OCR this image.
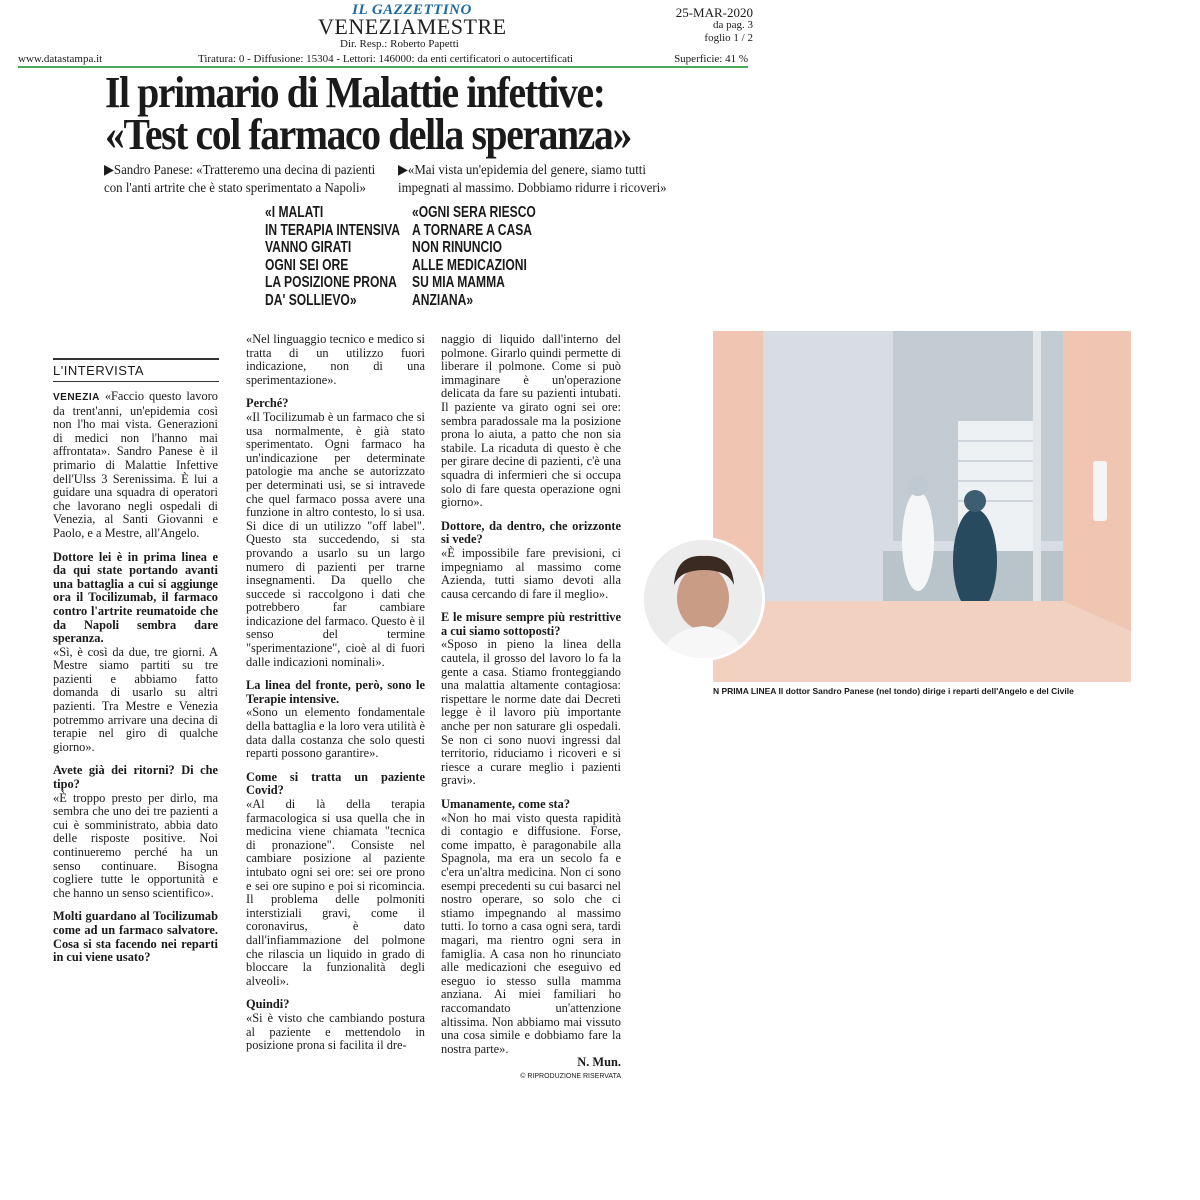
IL GAZZETTINO
VENEZIAMESTRE
Dir. Resp.: Roberto Papetti
25-MAR-2020
da pag. 3
foglio 1 / 2
www.datastampa.it	Tiratura: 0 - Diffusione: 15304 - Lettori: 146000: da enti certificatori o autocertificati	Superficie: 41 %
Il primario di Malattie infettive:
«Test col farmaco della speranza»
▶Sandro Panese: «Tratteremo una decina di pazienti
con l'anti artrite che è stato sperimentato a Napoli»
▶«Mai vista un'epidemia del genere, siamo tutti
impegnati al massimo. Dobbiamo ridurre i ricoveri»
«I MALATI
IN TERAPIA INTENSIVA
VANNO GIRATI
OGNI SEI ORE
LA POSIZIONE PRONA
DA' SOLLIEVO»
«OGNI SERA RIESCO
A TORNARE A CASA
NON RINUNCIO
ALLE MEDICAZIONI
SU MIA MAMMA
ANZIANA»
L'INTERVISTA

VENEZIA «Faccio questo lavoro da trent'anni, un'epidemia così non l'ho mai vista. Generazioni di medici non l'hanno mai affrontata». Sandro Panese è il primario di Malattie Infettive dell'Ulss 3 Serenissima. È lui a guidare una squadra di operatori che lavorano negli ospedali di Venezia, al Santi Giovanni e Paolo, e a Mestre, all'Angelo.

Dottore lei è in prima linea e da qui state portando avanti una battaglia a cui si aggiunge ora il Tocilizumab, il farmaco contro l'artrite reumatoide che da Napoli sembra dare speranza.

«Sì, è così da due, tre giorni. A Mestre siamo partiti su tre pazienti e abbiamo fatto domanda di usarlo su altri pazienti. Tra Mestre e Venezia potremmo arrivare una decina di terapie nel giro di qualche giorno».

Avete già dei ritorni? Di che tipo?

«È troppo presto per dirlo, ma sembra che uno dei tre pazienti a cui è somministrato, abbia dato delle risposte positive. Noi continueremo perché ha un senso continuare. Bisogna cogliere tutte le opportunità e che hanno un senso scientifico».

Molti guardano al Tocilizumab come ad un farmaco salvatore. Cosa si sta facendo nei reparti in cui viene usato?

«Nel linguaggio tecnico e medico si tratta di un utilizzo fuori indicazione, non di una sperimentazione».

Perché?

«Il Tocilizumab è un farmaco che si usa normalmente, è già stato sperimentato. Ogni farmaco ha un'indicazione per determinate patologie ma anche se autorizzato per determinati usi, se si intravede che quel farmaco possa avere una funzione in altro contesto, lo si usa. Si dice di un utilizzo "off label". Questo sta succedendo, si sta provando a usarlo su un largo numero di pazienti per trarne insegnamenti. Da quello che succede si raccolgono i dati che potrebbero far cambiare indicazione del farmaco. Questo è il senso del termine "sperimentazione", cioè al di fuori dalle indicazioni nominali».

La linea del fronte, però, sono le Terapie intensive.

«Sono un elemento fondamentale della battaglia e la loro vera utilità è data dalla costanza che solo questi reparti possono garantire».

Come si tratta un paziente Covid?

«Al di là della terapia farmacologica si usa quella che in medicina viene chiamata "tecnica di pronazione". Consiste nel cambiare posizione al paziente intubato ogni sei ore: sei ore prono e sei ore supino e poi si ricomincia. Il problema delle polmoniti interstiziali gravi, come il coronavirus, è dato dall'infiammazione del polmone che rilascia un liquido in grado di bloccare la funzionalità degli alveoli».

Quindi?

«Si è visto che cambiando postura al paziente e mettendolo in posizione prona si facilita il dre-

naggio di liquido dall'interno del polmone. Girarlo quindi permette di liberare il polmone. Come si può immaginare è un'operazione delicata da fare su pazienti intubati. Il paziente va girato ogni sei ore: sembra paradossale ma la posizione prona lo aiuta, a patto che non sia stabile. La ricaduta di questo è che per girare decine di pazienti, c'è una squadra di infermieri che si occupa solo di fare questa operazione ogni giorno».

Dottore, da dentro, che orizzonte si vede?

«È impossibile fare previsioni, ci impegniamo al massimo come Azienda, tutti siamo devoti alla causa cercando di fare il meglio».

E le misure sempre più restrittive a cui siamo sottoposti?

«Sposo in pieno la linea della cautela, il grosso del lavoro lo fa la gente a casa. Stiamo fronteggiando una malattia altamente contagiosa: rispettare le norme date dai Decreti legge è il lavoro più importante anche per non saturare gli ospedali. Se non ci sono nuovi ingressi dal territorio, riduciamo i ricoveri e si riesce a curare meglio i pazienti gravi».

Umanamente, come sta?

«Non ho mai visto questa rapidità di contagio e diffusione. Forse, come impatto, è paragonabile alla Spagnola, ma era un secolo fa e c'era un'altra medicina. Non ci sono esempi precedenti su cui basarci nel nostro operare, so solo che ci stiamo impegnando al massimo tutti. Io torno a casa ogni sera, tardi magari, ma rientro ogni sera in famiglia. A casa non ho rinunciato alle medicazioni che eseguivo ed eseguo io stesso sulla mamma anziana. Ai miei familiari ho raccomandato un'attenzione altissima. Non abbiamo mai vissuto una cosa simile e dobbiamo fare la nostra parte».

N. Mun.

© RIPRODUZIONE RISERVATA

N PRIMA LINEA Il dottor Sandro Panese (nel tondo) dirige i reparti dell'Angelo e del Civile
